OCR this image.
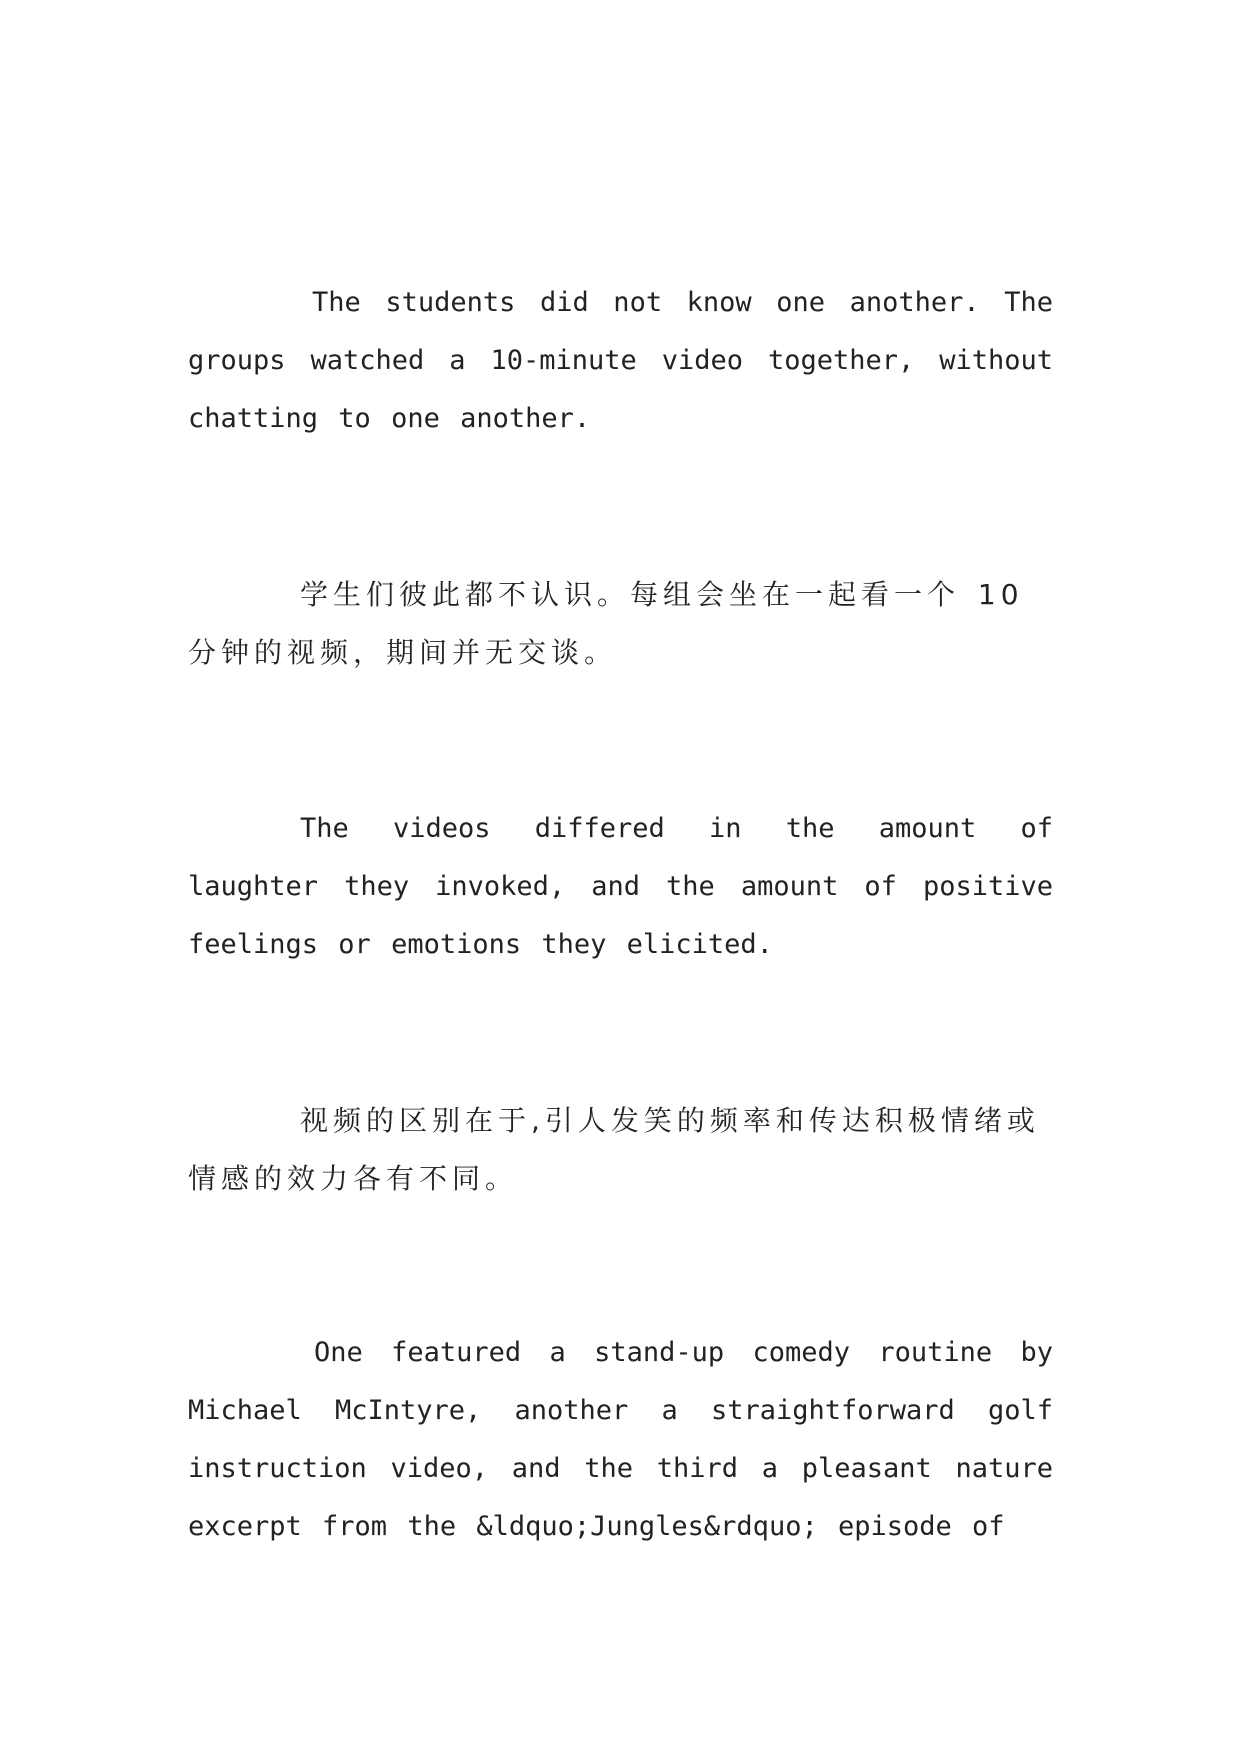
The students did not know one another. The groups watched a 10-minute video together, without chatting to one another.

学生们彼此都不认识。每组会坐在一起看一个 10 分钟的视频，期间并无交谈。

The videos differed in the amount of laughter they invoked, and the amount of positive feelings or emotions they elicited.

视频的区别在于,引人发笑的频率和传达积极情绪或情感的效力各有不同。

One featured a stand-up comedy routine by Michael McIntyre, another a straightforward golf instruction video, and the third a pleasant nature excerpt from the &ldquo;Jungles&rdquo; episode of
